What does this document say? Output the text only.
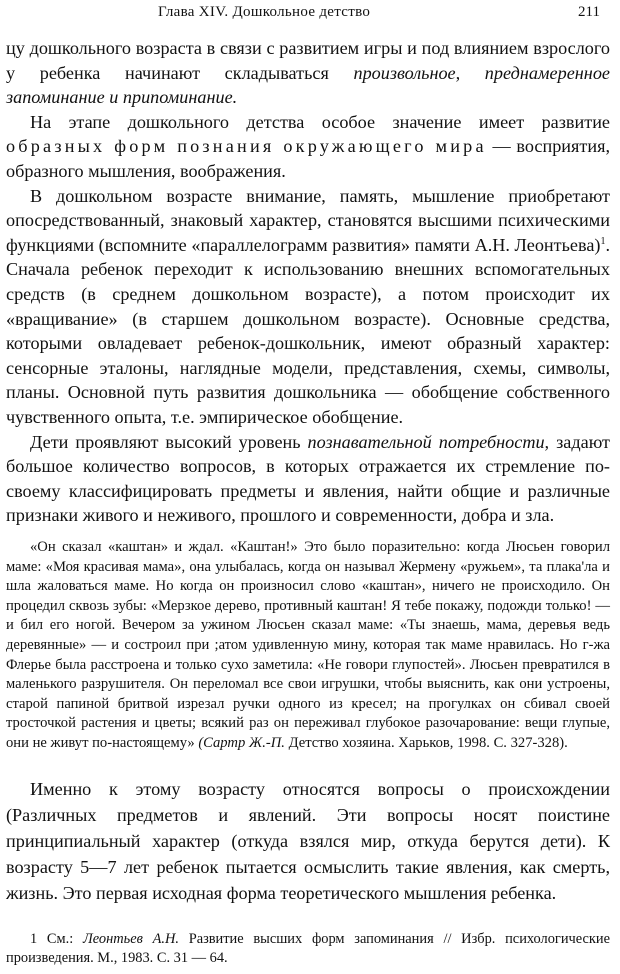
Глава XIV. Дошкольное детство	211

цу дошкольного возраста в связи с развитием игры и под влиянием взрослого у ребенка начинают складываться произвольное, преднамеренное запоминание и припоминание.

На этапе дошкольного детства особое значение имеет развитие образных форм познания окружающего мира — восприятия, образного мышления, воображения.

В дошкольном возрасте внимание, память, мышление приобретают опосредствованный, знаковый характер, становятся высшими психическими функциями (вспомните «параллелограмм развития» памяти А.Н. Леонтьева)$^1$. Сначала ребенок переходит к использованию внешних вспомогательных средств (в среднем дошкольном возрасте), а потом происходит их «вращивание» (в старшем дошкольном возрасте). Основные средства, которыми овладевает ребенок-дошкольник, имеют образный характер: сенсорные эталоны, наглядные модели, представления, схемы, символы, планы. Основной путь развития дошкольника — обобщение собственного чувственного опыта, т.е. эмпирическое обобщение.

Дети проявляют высокий уровень познавательной потребности, задают большое количество вопросов, в которых отражается их стремление по-своему классифицировать предметы и явления, найти общие и различные признаки живого и неживого, прошлого и современности, добра и зла.

«Он сказал «каштан» и ждал. «Каштан!» Это было поразительно: когда Люсьен говорил маме: «Моя красивая мама», она улыбалась, когда он называл Жермену «ружьем», та плака'ла и шла жаловаться маме. Но когда он произносил слово «каштан», ничего не происходило. Он процедил сквозь зубы: «Мерзкое дерево, противный каштан! Я тебе покажу, подожди только! — и бил его ногой. Вечером за ужином Люсьен сказал маме: «Ты знаешь, мама, деревья ведь деревянные» — и состроил при ;атом удивленную мину, которая так маме нравилась. Но г-жа Флерье была расстроена и только сухо заметила: «Не говори глупостей». Люсьен превратился в маленького разрушителя. Он переломал все свои игрушки, чтобы выяснить, как они устроены, старой папиной бритвой изрезал ручки одного из кресел; на прогулках он сбивал своей тросточкой растения и цветы; всякий раз он переживал глубокое разочарование: вещи глупые, они не живут по-настоящему» (Сартр Ж.-П. Детство хозяина. Харьков, 1998. С. 327-328).

Именно к этому возрасту относятся вопросы о происхождении (Различных предметов и явлений. Эти вопросы носят поистине принципиальный характер (откуда взялся мир, откуда берутся дети). К возрасту 5—7 лет ребенок пытается осмыслить такие явления, как смерть, жизнь. Это первая исходная форма теоретического мышления ребенка.

1 См.: Леонтьев А.Н. Развитие высших форм запоминания // Избр. психологические произведения. М., 1983. С. 31 — 64.
